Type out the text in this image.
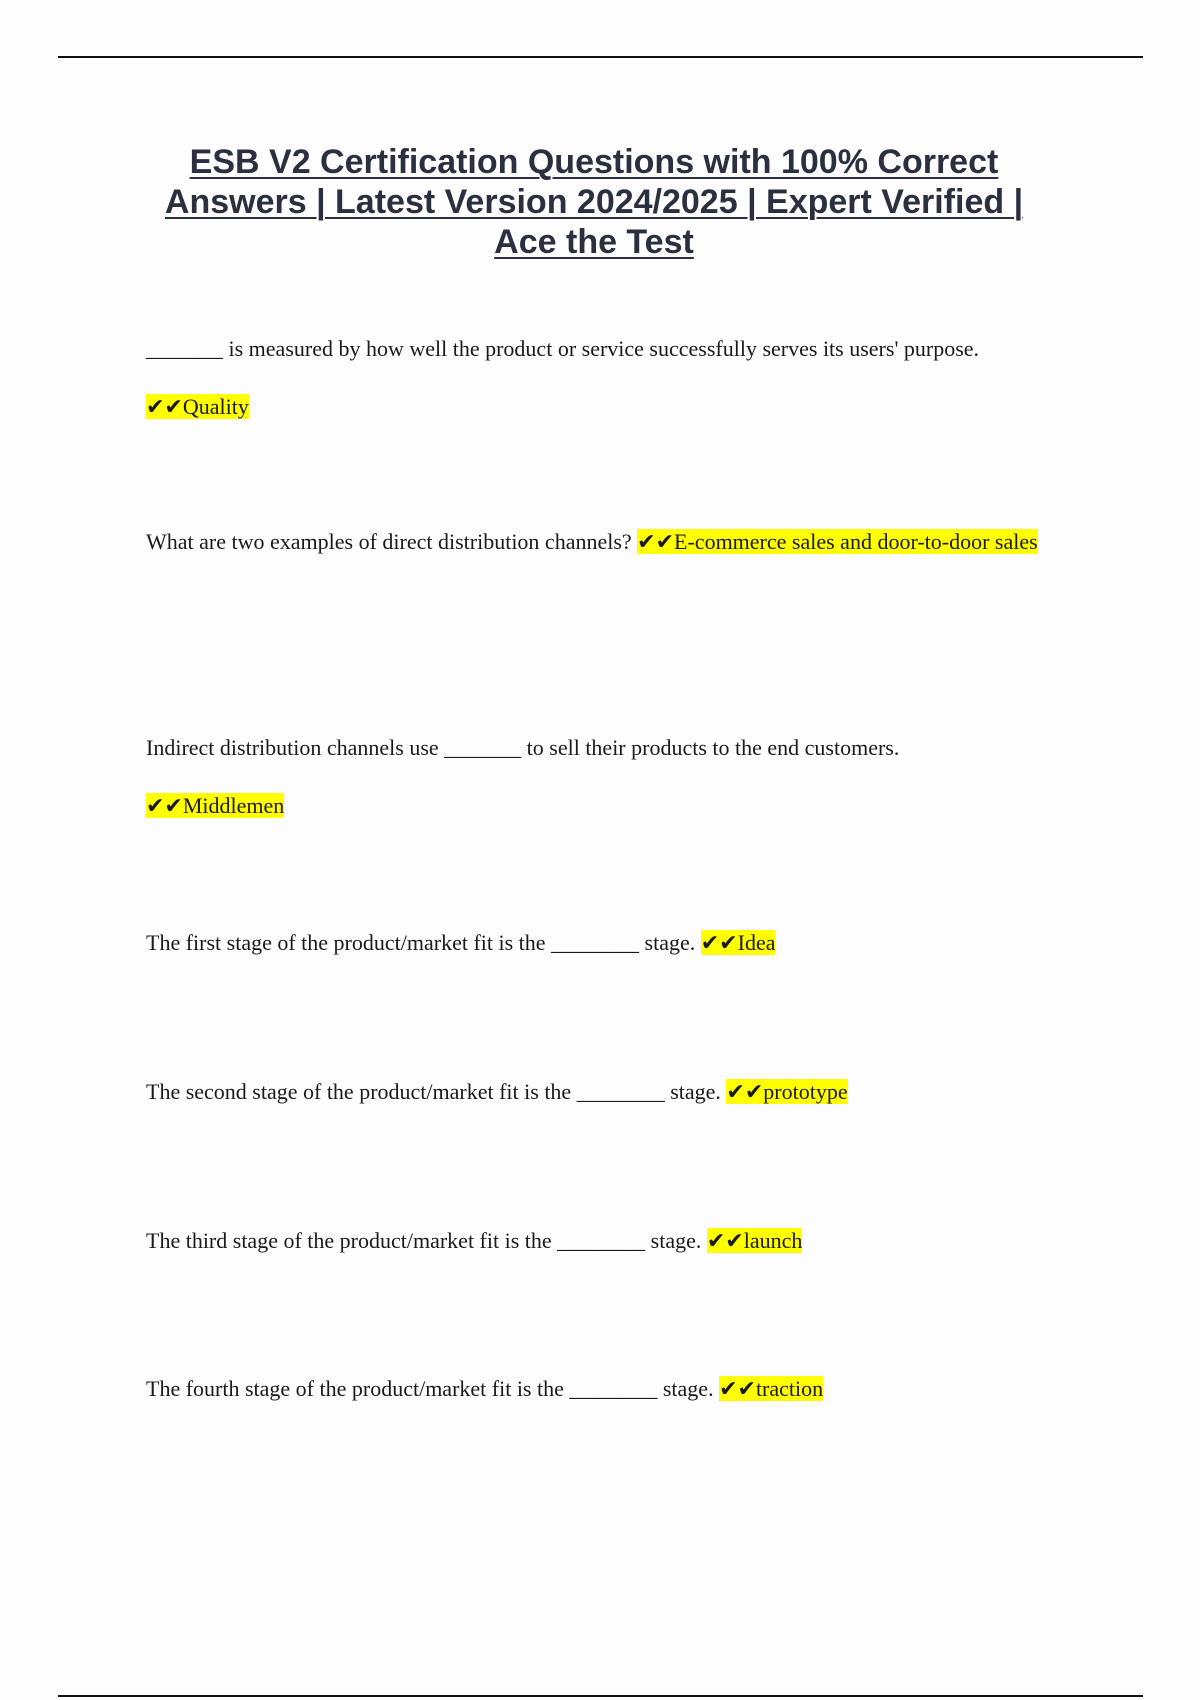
ESB V2 Certification Questions with 100% Correct Answers | Latest Version 2024/2025 | Expert Verified | Ace the Test

_______ is measured by how well the product or service successfully serves its users' purpose.
✔✔Quality

What are two examples of direct distribution channels? ✔✔E-commerce sales and door-to-door sales

Indirect distribution channels use _______ to sell their products to the end customers.
✔✔Middlemen

The first stage of the product/market fit is the ________ stage. ✔✔Idea

The second stage of the product/market fit is the ________ stage. ✔✔prototype

The third stage of the product/market fit is the ________ stage. ✔✔launch

The fourth stage of the product/market fit is the ________ stage. ✔✔traction
